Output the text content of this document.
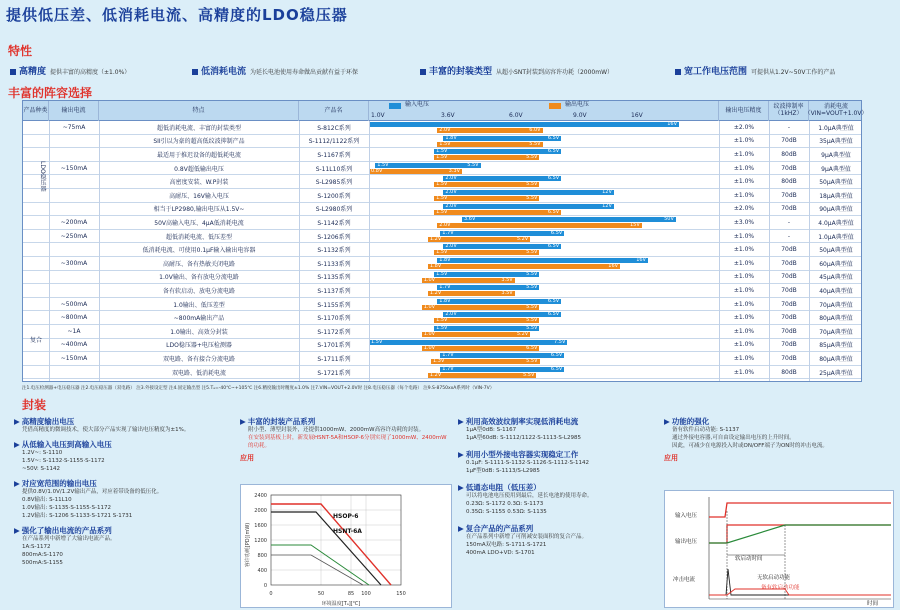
提供低压差、低消耗电流、高精度的LDO稳压器
特性
高精度 提供丰富的高精度（±1.0%）	低消耗电流 为延长电池使用寿命做出贡献有益于环保	丰富的封装类型 从超小SNT封装到高容许功耗（2000mW）	宽工作电压范围 可提供从1.2V~50V工作的产品
丰富的阵容选择
产品种类	输出电流	特点	产品名
输入电压	输出电压
1.0V	3.6V	6.0V	9.0V	16V
输出电压精度	纹波抑制率（1kHZ）
消耗电流（VIN=VOUT+1.0V）
~75mA	超低消耗电流、丰富的封装类型	S-812C系列	±2.0%	-	1.0μA典型值
16V
2.0V	6.0V
SII引以为豪的超高低纹波抑制产品	S-1112/1122系列	±1.0%	70dB	35μA典型值
1.8V	6.5V
1.5V	5.5V
最适用于推迟设备的超低耗电流	S-1167系列	±1.0%	80dB	9μA典型值
1.5V	6.5V
1.5V	5.5V
~150mA	0.8V超低输出电压	S-11L10系列	±1.0%	70dB	9μA典型值
1.5V	5.5V
0.8V	3.3V
高密度安装、W.P封装	S-L2985系列	±1.0%	80dB	50μA典型值
2.0V	6.5V
1.5V	5.5V
高耐压、16V输入电压	S-1200系列	±1.0%	70dB	18μA典型值
2.0V	12V
1.5V	5.5V
相当于LP2980,输出电压从1.5V~	S-L2980系列	±2.0%	70dB	90μA典型值
2.0V	12V
1.5V	6.5V
~200mA	50V高输入电压、4μA低消耗电流	S-1142系列	±3.0%	-	4.0μA典型值
3.6V	50V
2.0V	15V
~250mA	超低消耗电流、低压差型	S-1206系列	±1.0%	-	1.0μA典型值
1.7V	6.5V
1.2V	5.2V
低消耗电流、可使用0.1μF输入输出电容器	S-1132系列	±1.0%	70dB	50μA典型值
2.0V	6.5V
1.5V	5.5V
~300mA	高耐压、备有热敏关闭电路	S-1133系列	±1.0%	70dB	60μA典型值
1.8V	16V
1.8V	16V
1.0V输出、备有放电分流电路	S-1135系列	±1.0%	70dB	45μA典型值
1.5V	5.5V
1.0V	3.5V
备有软启动、放电分流电路	S-1137系列	±1.0%	70dB	40μA典型值
1.7V	5.5V
1.2V	3.5V
~500mA	1.0输出、低压差型	S-1155系列	±1.0%	70dB	70μA典型值
1.8V	6.5V
1.0V	5.5V
~800mA	~800mA输出产品	S-1170系列	±1.0%	70dB	80μA典型值
2.0V	6.5V
1.5V	5.5V
~1A	1.0输出、高效分封装	S-1172系列	±1.0%	70dB	70μA典型值
1.5V	5.5V
1.0V	5.2V
~400mA	LDO稳压器+电压检测器	S-1701系列	±1.0%	70dB	85μA典型值
1.5V	7.5V
1.0V	6.5V
~150mA	双电路、备有接合分流电路	S-1711系列	±1.0%	70dB	80μA典型值
1.7V	6.5V
1.3V	5.5V
双电路、低消耗电流	S-1721系列	±1.0%	80dB	25μA典型值
1.7V	6.5V
1.2V	5.5V
LDO稳压器
复合
注1.电压检测器+电压稳压器 注2.电压稳压器（双电路） 注3.外接设定型 注4.固定输出型 注5.Tₐ=-40℃~+105℃ 注6.精度输出时精度±1.0% 注7.VIN=VOUT+2.0V时 注8.电压稳压器（每个电路） 注9.S-8750xxA系列时（VIN-7V）
封装
▶ 高精度输出电压
凭借高精度的微调技术，使大部分产品实现了输出电压精度为±1%。
▶ 从低输入电压到高输入电压
1.2V~: S-1110
1.5V~: S-1132·S-1155·S-1172
~50V: S-1142
▶ 对应宽范围的输出电压
提供0.8V/1.0V/1.2V输出产品，对应着带设备的低压化。
0.8V输出: S-11L10
1.0V输出: S-1135·S-1155·S-1172
1.2V输出: S-1206 S-1133·S-1721 S-1731
▶ 强化了输出电流的产品系列
在产品系列中新增了大输出电流产品。
1A:S-1172
800mA:S-1170
500mA:S-1155
▶ 丰富的封装产品系列
附小型、薄型封装外，还提供1000mW、2000mW高容许功耗的封装。
在安装到基板上时，新发展HSNT-5A和HSOP-6分别实现了1000mW、2400mW的功耗。
应用
2400
2000
1600
1200
800
400
0
0	50	85 100	150
环境温度[Tₐ][℃]
容许功耗[PD](mW)
HSOP-6
HSNT-6A
▶ 利用高效波纹制率实现低消耗电流
1μA型0dB: S-1167
1μA型60dB: S-1112/1122·S-1113·S-L2985
▶ 利用小型外接电容器实现稳定工作
0.1μF: S-1111·S-1132·S-1126·S-1112·S-1142
1μF型0dB: S-1113/S-L2985
▶ 低通态电阻（低压差）
可以将电池电压使用到最后，延长电池的使用寿命。
0.23Ω: S-1172 0.3Ω: S-1173
0.35Ω: S-1155 0.53Ω: S-1135
▶ 复合产品的产品系列
在产品系列中新增了可削减安装面积的复合产品。
150mA双电路: S-1711·S-1721
400mA LDO+VD: S-1701
▶ 功能的强化
备有软件启动功能: S-1137
通过外接电容器,可自由设定输出电压的上升时间。
因此，可减少在电源投入时或ON/OFF端子为ON时的冲击电流。
应用
输入电压
输出电压
冲击电流
软启动时间
无软启动功能
时间
备有软启动功能
